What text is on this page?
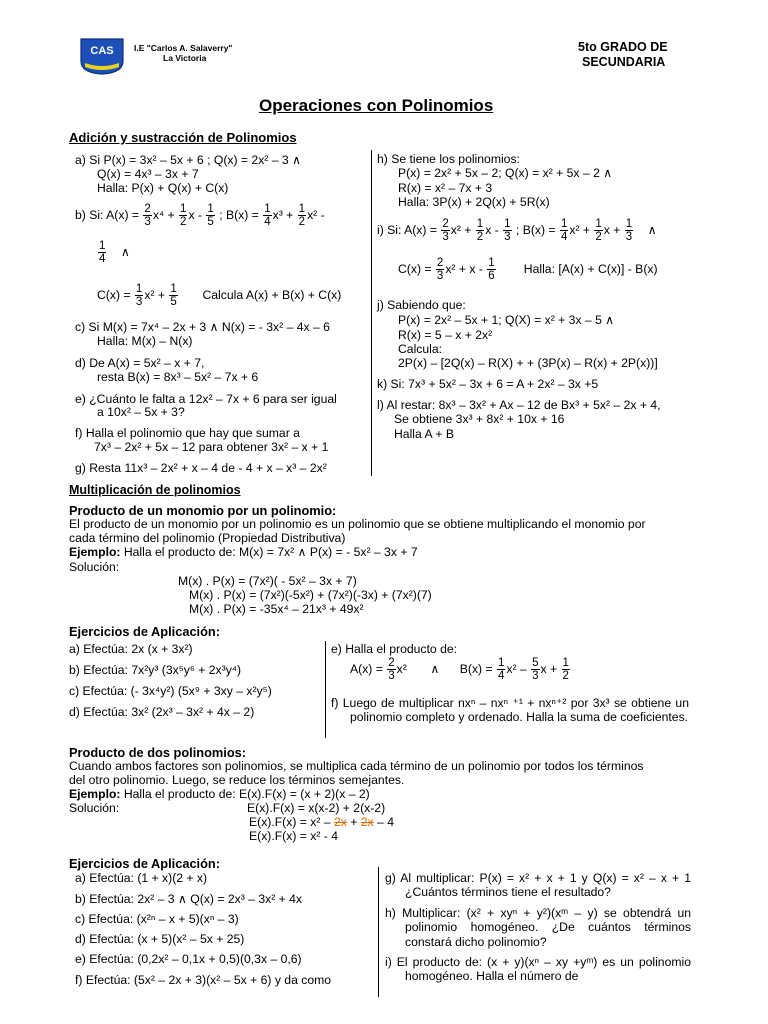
CAS I.E "Carlos A. Salaverry"
La Victoria
5to GRADO DE
SECUNDARIA
Operaciones con Polinomios
Adición y sustracción de Polinomios
a) Si P(x) = 3x² – 5x + 6 ; Q(x) = 2x² – 3 ∧
Q(x) = 4x³ – 3x + 7
Halla: P(x) + Q(x) + C(x)
b) Si: A(x) =
$\frac{2}{3} x^4$ +
$\frac{1}{2}$ x -
$\frac{1}{5}$
; B(x) =
$\frac{1}{4} x^3$ +
$\frac{1}{2} x^2$ -
$\frac{1}{4}$
∧
C(x) =
$\frac{1}{3} x^2$ +
$\frac{1}{5}$
Calcula A(x) + B(x) + C(x)
c) Si M(x) = 7x⁴ – 2x + 3 ∧ N(x) = - 3x² – 4x – 6
Halla: M(x) – N(x)
d) De A(x) = 5x² – x + 7,
resta B(x) = 8x³ – 5x² – 7x + 6
e) ¿Cuánto le falta a 12x² – 7x + 6 para ser igual
a 10x² – 5x + 3?
f) Halla el polinomio que hay que sumar a
7x³ – 2x² + 5x – 12 para obtener 3x² – x + 1
g) Resta 11x³ – 2x² + x – 4 de - 4 + x – x³ – 2x²
h) Se tiene los polinomios:
P(x) = 2x² + 5x – 2; Q(x) = x² + 5x – 2 ∧
R(x) = x² – 7x + 3
Halla: 3P(x) + 2Q(x) + 5R(x)
i) Si: A(x) =
$\frac{2}{3} x^2$ +
$\frac{1}{2}$ x -
$\frac{1}{3}$
; B(x) =
$\frac{1}{4} x^2$ +
$\frac{1}{2}$ x +
$\frac{1}{3}$
∧
C(x) =
$\frac{2}{3} x^2 + x$ -
$\frac{1}{6}$
Halla: [A(x) + C(x)] - B(x)
j) Sabiendo que:
P(x) = 2x² – 5x + 1; Q(X) = x² + 3x – 5 ∧
R(x) = 5 – x + 2x²
Calcula:
2P(x) – [2Q(x) – R(X) + + (3P(x) – R(x) + 2P(x))]
k) Si: 7x³ + 5x² – 3x + 6 = A + 2x² – 3x +5
l) Al restar: 8x³ – 3x² + Ax – 12 de Bx³ + 5x² – 2x + 4,
Se obtiene 3x³ + 8x² + 10x + 16
Halla A + B
Multiplicación de polinomios
Producto de un monomio por un polinomio:
El producto de un monomio por un polinomio es un polinomio que se obtiene multiplicando el monomio por
cada término del polinomio (Propiedad Distributiva)
Ejemplo: Halla el producto de: M(x) = 7x² ∧ P(x) = - 5x² – 3x + 7
Solución:
M(x) . P(x) = (7x²)( - 5x² – 3x + 7)
M(x) . P(x) = (7x²)(-5x²) + (7x²)(-3x) + (7x²)(7)
M(x) . P(x) = -35x⁴ – 21x³ + 49x²
Ejercicios de Aplicación:
a) Efectúa: 2x (x + 3x²)
b) Efectúa: 7x²y³ (3x⁵y⁶ + 2x³y⁴)
c) Efectúa: (- 3x⁴y²) (5x⁹ + 3xy – x²y⁵)
d) Efectúa: 3x² (2x³ – 3x² + 4x – 2)
e) Halla el producto de:
A(x) =
$\frac{2}{3} x^2$
∧
B(x) =
$\frac{1}{4} x^2$ –
$\frac{5}{3}$ x +
$\frac{1}{2}$
f) Luego de multiplicar nxⁿ – nxⁿ ⁺¹ + nxⁿ⁺² por 3x³ se obtiene un polinomio completo y ordenado. Halla la suma de coeficientes.
Producto de dos polinomios:
Cuando ambos factores son polinomios, se multiplica cada término de un polinomio por todos los términos
del otro polinomio. Luego, se reduce los términos semejantes.
Ejemplo: Halla el producto de: E(x).F(x) = (x + 2)(x – 2)
Solución:	E(x).F(x) = x(x-2) + 2(x-2)
E(x).F(x) = x² – 2x + 2x – 4
E(x).F(x) = x² - 4
Ejercicios de Aplicación:
a) Efectúa: (1 + x)(2 + x)
b) Efectúa: 2x² – 3 ∧ Q(x) = 2x³ – 3x² + 4x
c) Efectúa: (x²ⁿ – x + 5)(xⁿ – 3)
d) Efectúa: (x + 5)(x² – 5x + 25)
e) Efectúa: (0,2x² – 0,1x + 0,5)(0,3x – 0,6)
f) Efectúa: (5x² – 2x + 3)(x² – 5x + 6) y da como
g) Al multiplicar: P(x) = x² + x + 1 y Q(x) = x² – x + 1 ¿Cuántos términos tiene el resultado?
h) Multiplicar: (x² + xyⁿ + y²)(xᵐ – y) se obtendrá un polinomio homogéneo. ¿De cuántos términos constará dicho polinomio?
i) El producto de: (x + y)(xⁿ – xy +yᵐ) es un polinomio homogéneo. Halla el número de
